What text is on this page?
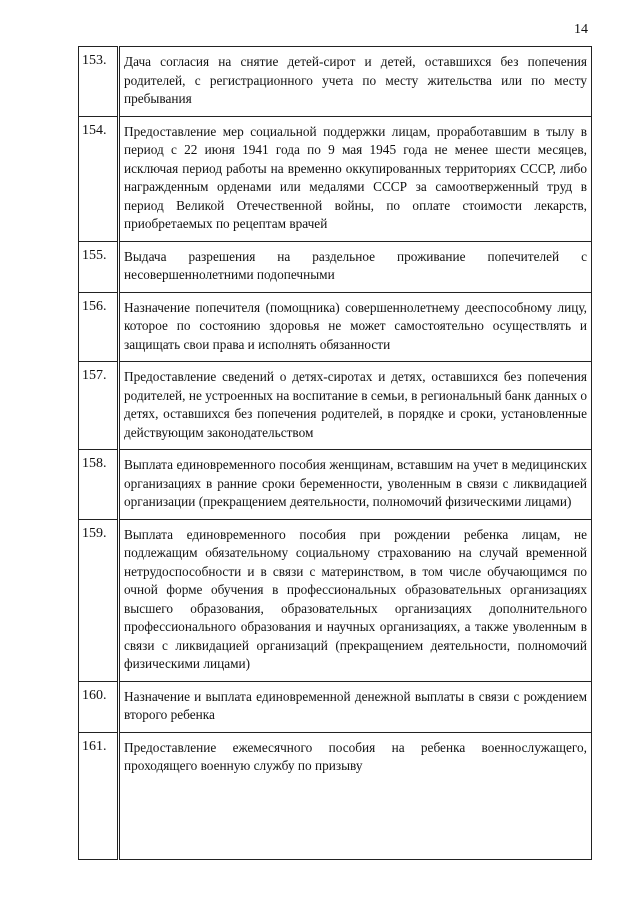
14
153.	Дача согласия на снятие детей-сирот и детей, оставшихся без попечения родителей, с регистрационного учета по месту жительства или по месту пребывания
154.	Предоставление мер социальной поддержки лицам, проработавшим в тылу в период с 22 июня 1941 года по 9 мая 1945 года не менее шести месяцев, исключая период работы на временно оккупированных территориях СССР, либо награжденным орденами или медалями СССР за самоотверженный труд в период Великой Отечественной войны, по оплате стоимости лекарств, приобретаемых по рецептам врачей
155.	Выдача разрешения на раздельное проживание попечителей с несовершеннолетними подопечными
156.	Назначение попечителя (помощника) совершеннолетнему дееспособному лицу, которое по состоянию здоровья не может самостоятельно осуществлять и защищать свои права и исполнять обязанности
157.	Предоставление сведений о детях-сиротах и детях, оставшихся без попечения родителей, не устроенных на воспитание в семьи, в региональный банк данных о детях, оставшихся без попечения родителей, в порядке и сроки, установленные действующим законодательством
158.	Выплата единовременного пособия женщинам, вставшим на учет в медицинских организациях в ранние сроки беременности, уволенным в связи с ликвидацией организации (прекращением деятельности, полномочий физическими лицами)
159.	Выплата единовременного пособия при рождении ребенка лицам, не подлежащим обязательному социальному страхованию на случай временной нетрудоспособности и в связи с материнством, в том числе обучающимся по очной форме обучения в профессиональных образовательных организациях высшего образования, образовательных организациях дополнительного профессионального образования и научных организациях, а также уволенным в связи с ликвидацией организаций (прекращением деятельности, полномочий физическими лицами)
160.	Назначение и выплата единовременной денежной выплаты в связи с рождением второго ребенка
161.	Предоставление ежемесячного пособия на ребенка военнослужащего, проходящего военную службу по призыву
